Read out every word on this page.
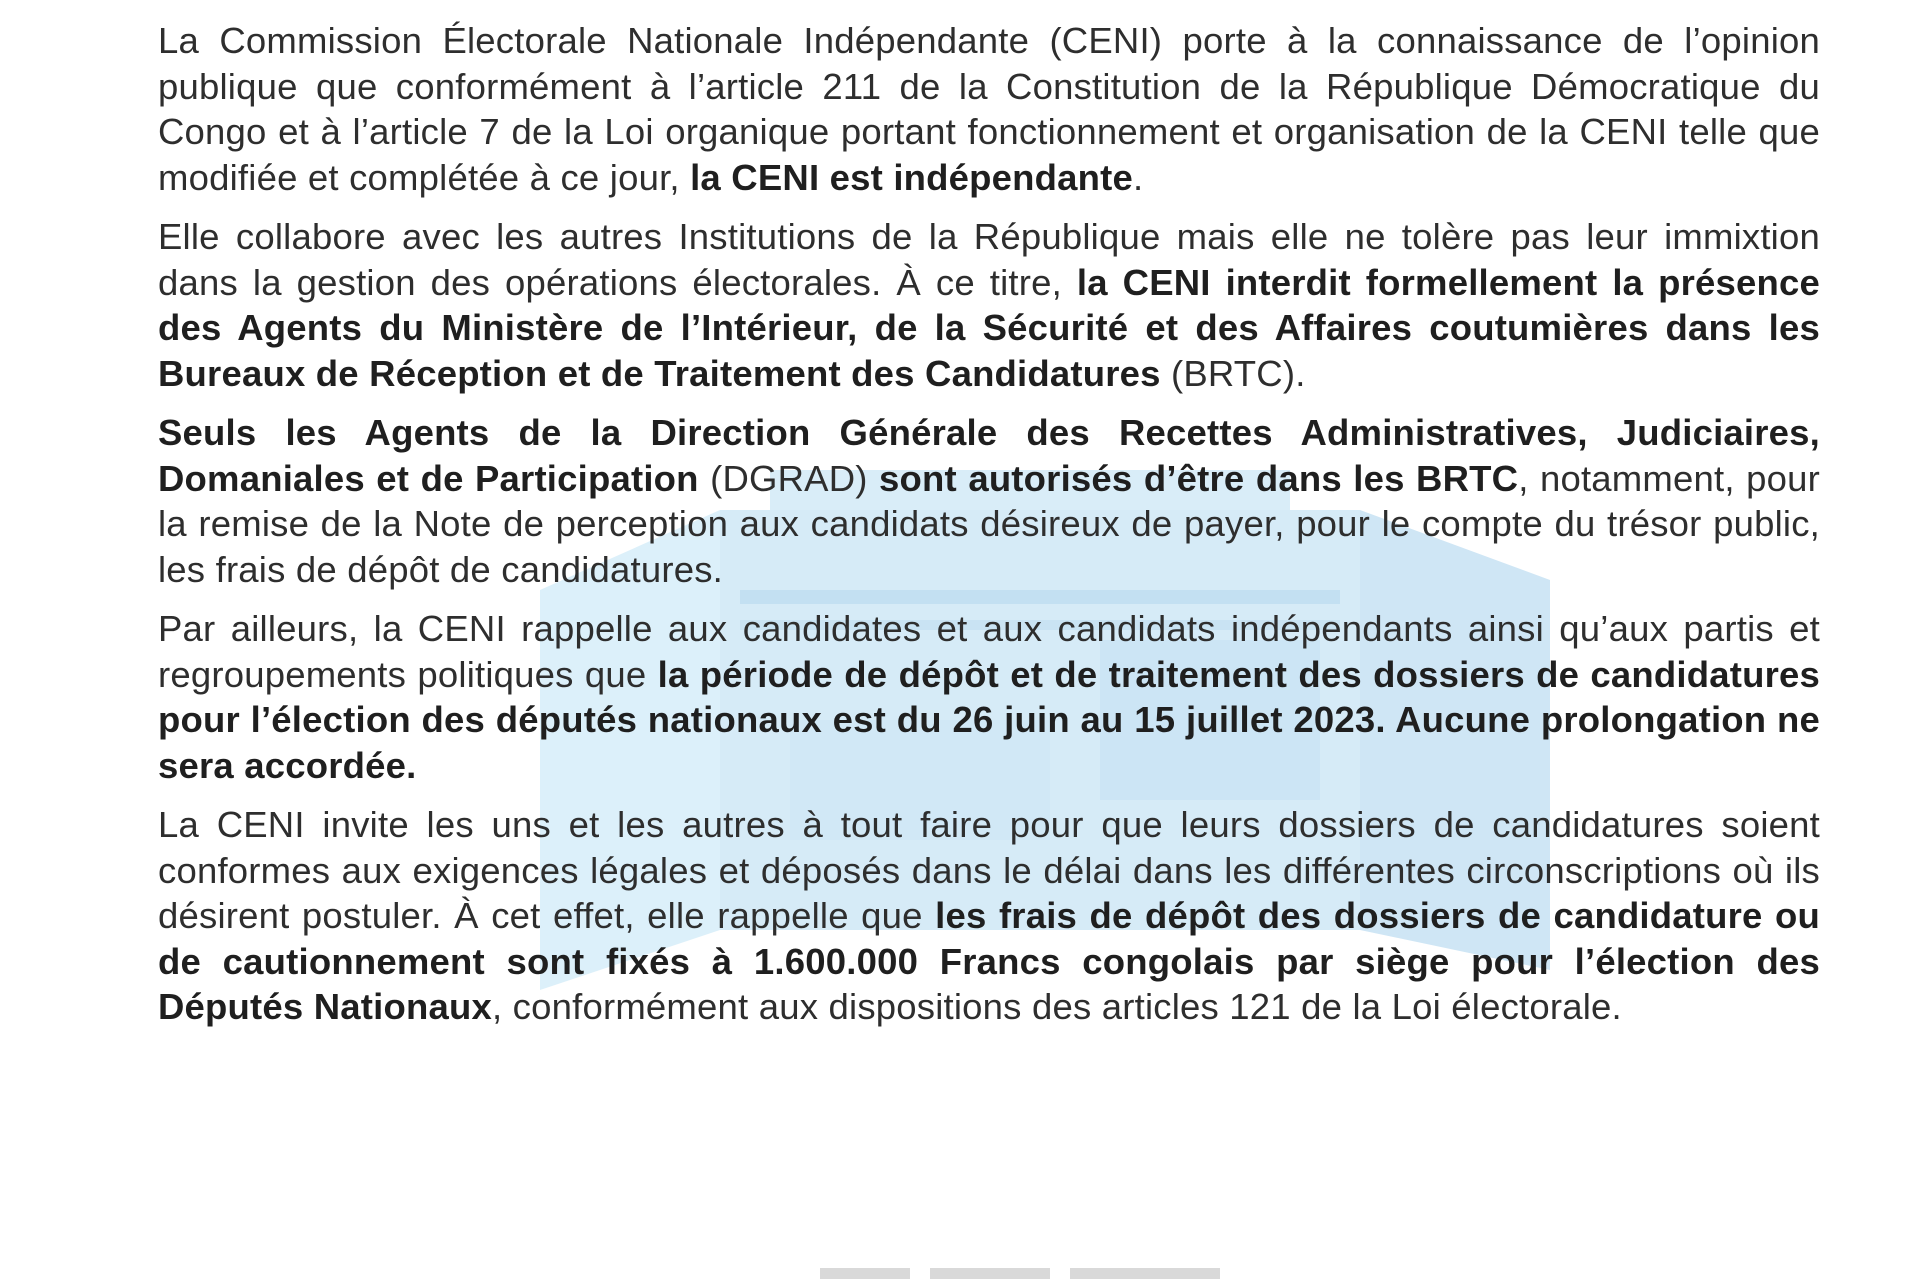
La Commission Électorale Nationale Indépendante (CENI) porte à la connaissance de l’opinion publique que conformément à l’article 211 de la Constitution de la République Démocratique du Congo et à l’article 7 de la Loi organique portant fonctionnement et organisation de la CENI telle que modifiée et complétée à ce jour, la CENI est indépendante.

Elle collabore avec les autres Institutions de la République mais elle ne tolère pas leur immixtion dans la gestion des opérations électorales. À ce titre, la CENI interdit formellement la présence des Agents du Ministère de l’Intérieur, de la Sécurité et des Affaires coutumières dans les Bureaux de Réception et de Traitement des Candidatures (BRTC).

Seuls les Agents de la Direction Générale des Recettes Administratives, Judiciaires, Domaniales et de Participation (DGRAD) sont autorisés d’être dans les BRTC, notamment, pour la remise de la Note de perception aux candidats désireux de payer, pour le compte du trésor public, les frais de dépôt de candidatures.

Par ailleurs, la CENI rappelle aux candidates et aux candidats indépendants ainsi qu’aux partis et regroupements politiques que la période de dépôt et de traitement des dossiers de candidatures pour l’élection des députés nationaux est du 26 juin au 15 juillet 2023. Aucune prolongation ne sera accordée.

La CENI invite les uns et les autres à tout faire pour que leurs dossiers de candidatures soient conformes aux exigences légales et déposés dans le délai dans les différentes circonscriptions où ils désirent postuler. À cet effet, elle rappelle que les frais de dépôt des dossiers de candidature ou de cautionnement sont fixés à 1.600.000 Francs congolais par siège pour l’élection des Députés Nationaux, conformément aux dispositions des articles 121 de la Loi électorale.
